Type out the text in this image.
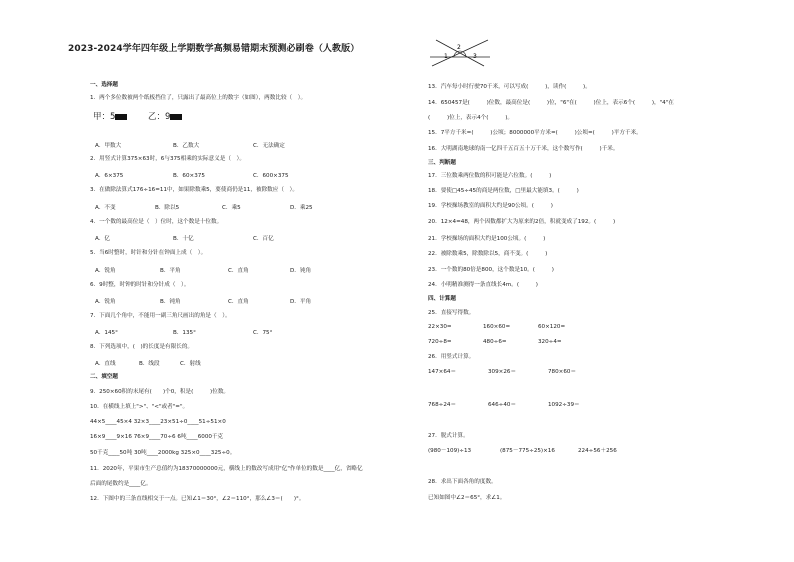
2023-2024学年四年级上学期数学高频易错期末预测必刷卷（人教版）	2
1	3
一、选择题
1．两个多位数被两个纸板挡住了，只露出了最高位上的数字（如图），两数比较（　）。
甲：5	乙：9
A．甲数大	B．乙数大	C．无法确定
2．用竖式计算375×63时，6与375相乘的实际意义是（　）。
A．6×375	B．60×375	C．600×375
3．在做除法算式176÷16=11中，如果除数乘5，要使商仍是11，被除数应（　）。
A．不变	B．除以5	C．乘5	D．乘25
4．一个数的最高位是（　）位时，这个数是十位数。
A．亿	B．十亿	C．百亿
5．当6时整时，时针和分针在钟面上成（　）。
A．锐角	B．平角	C．直角	D．钝角
6．9时整，时钟的时针和分针成（　）。
A．锐角	B．钝角	C．直角	D．平角
7．下面几个角中，不能用一副三角尺画出的角是（　）。
A．145°	B．135°	C．75°
8．下列选项中，(　)的长度是有限长的。
A．直线	B．线段	C．射线
二、填空题
9．250×60积的末尾有(　　)个0，积是(　　　)位数。
10．在横线上填上">"、"<"或者"="。
44×5____45×4 32×3____23×51÷0____51÷51×0
16×9____9×16 76×9____70÷6 6吨____6000千克
50千克____50吨 30吨____2000kg 325×0____325÷0。
11．2020年，平果市生产总值约为18370000000元，横线上的数改写成用"亿"作单位的数是____亿，省略亿
后面的尾数约是____亿。
12．下图中的三条直线相交于一点。已知∠1＝30°，∠2＝110°，那么∠3＝(　　)°。
13．汽车每小时行驶70千米，可以写成(　　　)，读作(　　　)。
14．650457是(　　　)位数，最高位是(　　　)位，"6"在(　　　)位上，表示6个(　　　)，"4"在
(　　　)位上，表示4个(　　　)。
15．7平方千米=(　　　)公顷；8000000平方米=(　　　)公顷=(　　　)平方千米。
16．大明湖南地球的南一亿四千五百五十万千米，这个数写作(　　　)千米。
三、判断题
17．三位数乘两位数的积可能是六位数。(　　　)
18．要使□45÷45的商是两位数，□里最大能填3。(　　　)
19．学校操场教室的面积大约是90公顷。(　　　)
20．12×4=48，两个因数都扩大为原来的2倍，积就变成了192。(　　　)
21．学校操场的面积大约是100公顷。(　　　)
22．被除数乘5，除数除以5，商不变。(　　　)
23．一个数的80倍是800，这个数是10。(　　　)
24．小明精准测得一条直线长4m。(　　　)
四、计算题
25．直接写得数。
22×30=	160×60=	60×120=
720÷8=	480÷6=	320÷4=
26．用竖式计算。
147×64＝	309×26＝	780×60＝
768÷24＝	646÷40＝	1092÷39＝
27．脱式计算。
(980－109)÷13	(875－775÷25)×16	224÷56＋256
28．求出下面各角的度数。
已知如图中∠2＝65°，求∠1。
